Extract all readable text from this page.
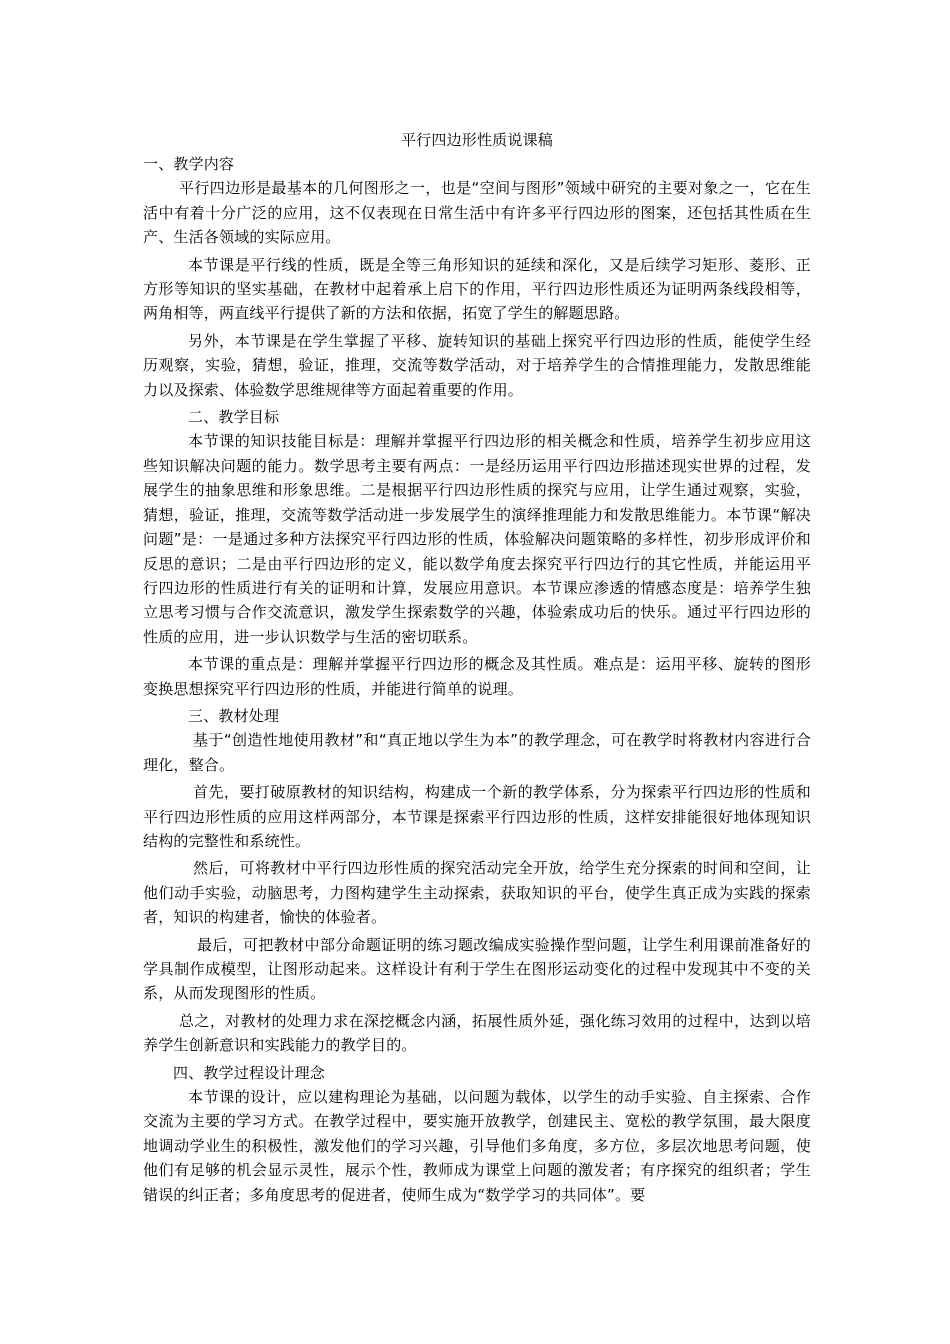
平行四边形性质说课稿
一、教学内容

平行四边形是最基本的几何图形之一，也是“空间与图形”领域中研究的主要对象之一，它在生活中有着十分广泛的应用，这不仅表现在日常生活中有许多平行四边形的图案，还包括其性质在生产、生活各领域的实际应用。

本节课是平行线的性质，既是全等三角形知识的延续和深化，又是后续学习矩形、菱形、正方形等知识的坚实基础，在教材中起着承上启下的作用，平行四边形性质还为证明两条线段相等，两角相等，两直线平行提供了新的方法和依据，拓宽了学生的解题思路。

另外，本节课是在学生掌握了平移、旋转知识的基础上探究平行四边形的性质，能使学生经历观察，实验，猜想，验证，推理，交流等数学活动，对于培养学生的合情推理能力，发散思维能力以及探索、体验数学思维规律等方面起着重要的作用。

二、教学目标

本节课的知识技能目标是：理解并掌握平行四边形的相关概念和性质，培养学生初步应用这些知识解决问题的能力。数学思考主要有两点：一是经历运用平行四边形描述现实世界的过程，发展学生的抽象思维和形象思维。二是根据平行四边形性质的探究与应用，让学生通过观察，实验，猜想，验证，推理，交流等数学活动进一步发展学生的演绎推理能力和发散思维能力。本节课“解决问题”是：一是通过多种方法探究平行四边形的性质，体验解决问题策略的多样性，初步形成评价和反思的意识；二是由平行四边形的定义，能以数学角度去探究平行四边行的其它性质，并能运用平行四边形的性质进行有关的证明和计算，发展应用意识。本节课应渗透的情感态度是：培养学生独立思考习惯与合作交流意识，激发学生探索数学的兴趣，体验索成功后的快乐。通过平行四边形的性质的应用，进一步认识数学与生活的密切联系。

本节课的重点是：理解并掌握平行四边形的概念及其性质。难点是：运用平移、旋转的图形变换思想探究平行四边形的性质，并能进行简单的说理。

三、教材处理

基于“创造性地使用教材”和“真正地以学生为本”的教学理念，可在教学时将教材内容进行合理化，整合。

首先，要打破原教材的知识结构，构建成一个新的教学体系，分为探索平行四边形的性质和平行四边形性质的应用这样两部分，本节课是探索平行四边形的性质，这样安排能很好地体现知识结构的完整性和系统性。

然后，可将教材中平行四边形性质的探究活动完全开放，给学生充分探索的时间和空间，让他们动手实验，动脑思考，力图构建学生主动探索，获取知识的平台，使学生真正成为实践的探索者，知识的构建者，愉快的体验者。

最后，可把教材中部分命题证明的练习题改编成实验操作型问题，让学生利用课前准备好的学具制作成模型，让图形动起来。这样设计有利于学生在图形运动变化的过程中发现其中不变的关系，从而发现图形的性质。

总之，对教材的处理力求在深挖概念内涵，拓展性质外延，强化练习效用的过程中，达到以培养学生创新意识和实践能力的教学目的。

四、教学过程设计理念

本节课的设计，应以建构理论为基础，以问题为载体，以学生的动手实验、自主探索、合作交流为主要的学习方式。在教学过程中，要实施开放教学，创建民主、宽松的教学氛围，最大限度地调动学业生的积极性，激发他们的学习兴趣，引导他们多角度，多方位，多层次地思考问题，使他们有足够的机会显示灵性，展示个性，教师成为课堂上问题的激发者；有序探究的组织者；学生错误的纠正者；多角度思考的促进者，使师生成为“数学学习的共同体”。要
